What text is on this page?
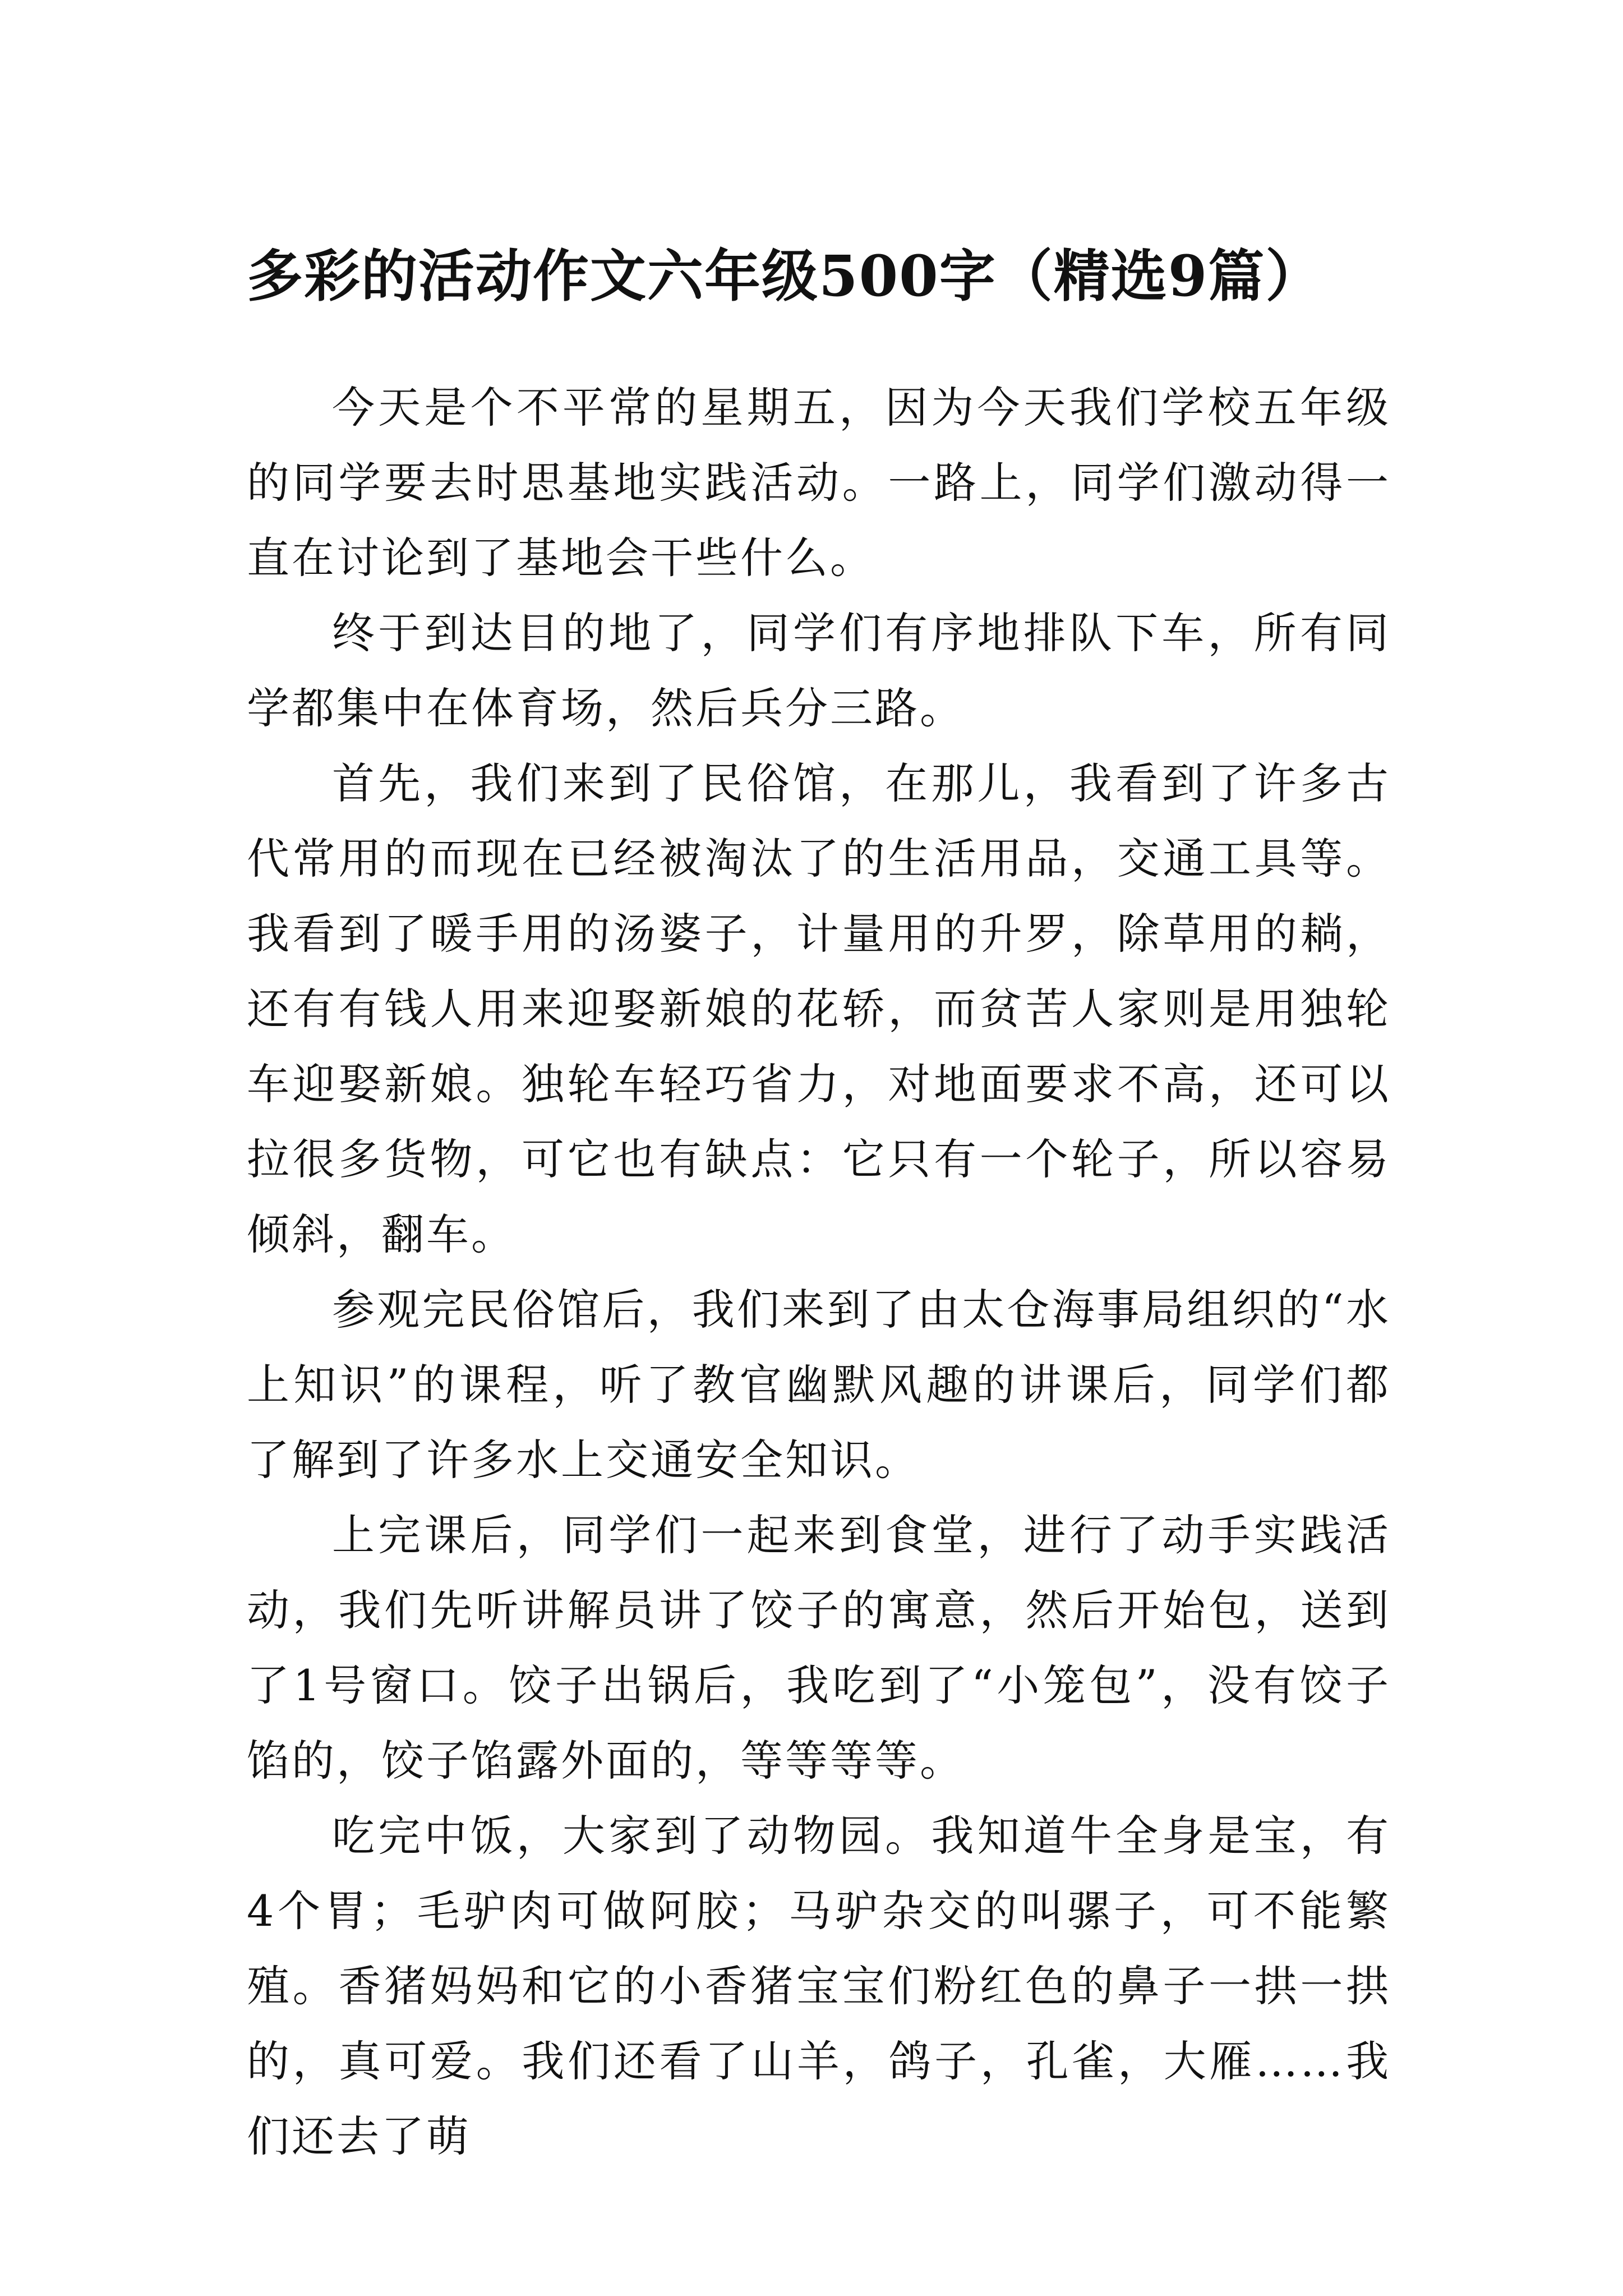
多彩的活动作文六年级500字（精选9篇）

今天是个不平常的星期五，因为今天我们学校五年级的同学要去时思基地实践活动。一路上，同学们激动得一直在讨论到了基地会干些什么。

终于到达目的地了，同学们有序地排队下车，所有同学都集中在体育场，然后兵分三路。

首先，我们来到了民俗馆，在那儿，我看到了许多古代常用的而现在已经被淘汰了的生活用品，交通工具等。我看到了暖手用的汤婆子，计量用的升罗，除草用的耥，还有有钱人用来迎娶新娘的花轿，而贫苦人家则是用独轮车迎娶新娘。独轮车轻巧省力，对地面要求不高，还可以拉很多货物，可它也有缺点：它只有一个轮子，所以容易倾斜，翻车。

参观完民俗馆后，我们来到了由太仓海事局组织的“水上知识”的课程，听了教官幽默风趣的讲课后，同学们都了解到了许多水上交通安全知识。

上完课后，同学们一起来到食堂，进行了动手实践活动，我们先听讲解员讲了饺子的寓意，然后开始包，送到了1号窗口。饺子出锅后，我吃到了“小笼包”，没有饺子馅的，饺子馅露外面的，等等等等。

吃完中饭，大家到了动物园。我知道牛全身是宝，有4个胃；毛驴肉可做阿胶；马驴杂交的叫骡子，可不能繁殖。香猪妈妈和它的小香猪宝宝们粉红色的鼻子一拱一拱的，真可爱。我们还看了山羊，鸽子，孔雀，大雁……我们还去了萌
